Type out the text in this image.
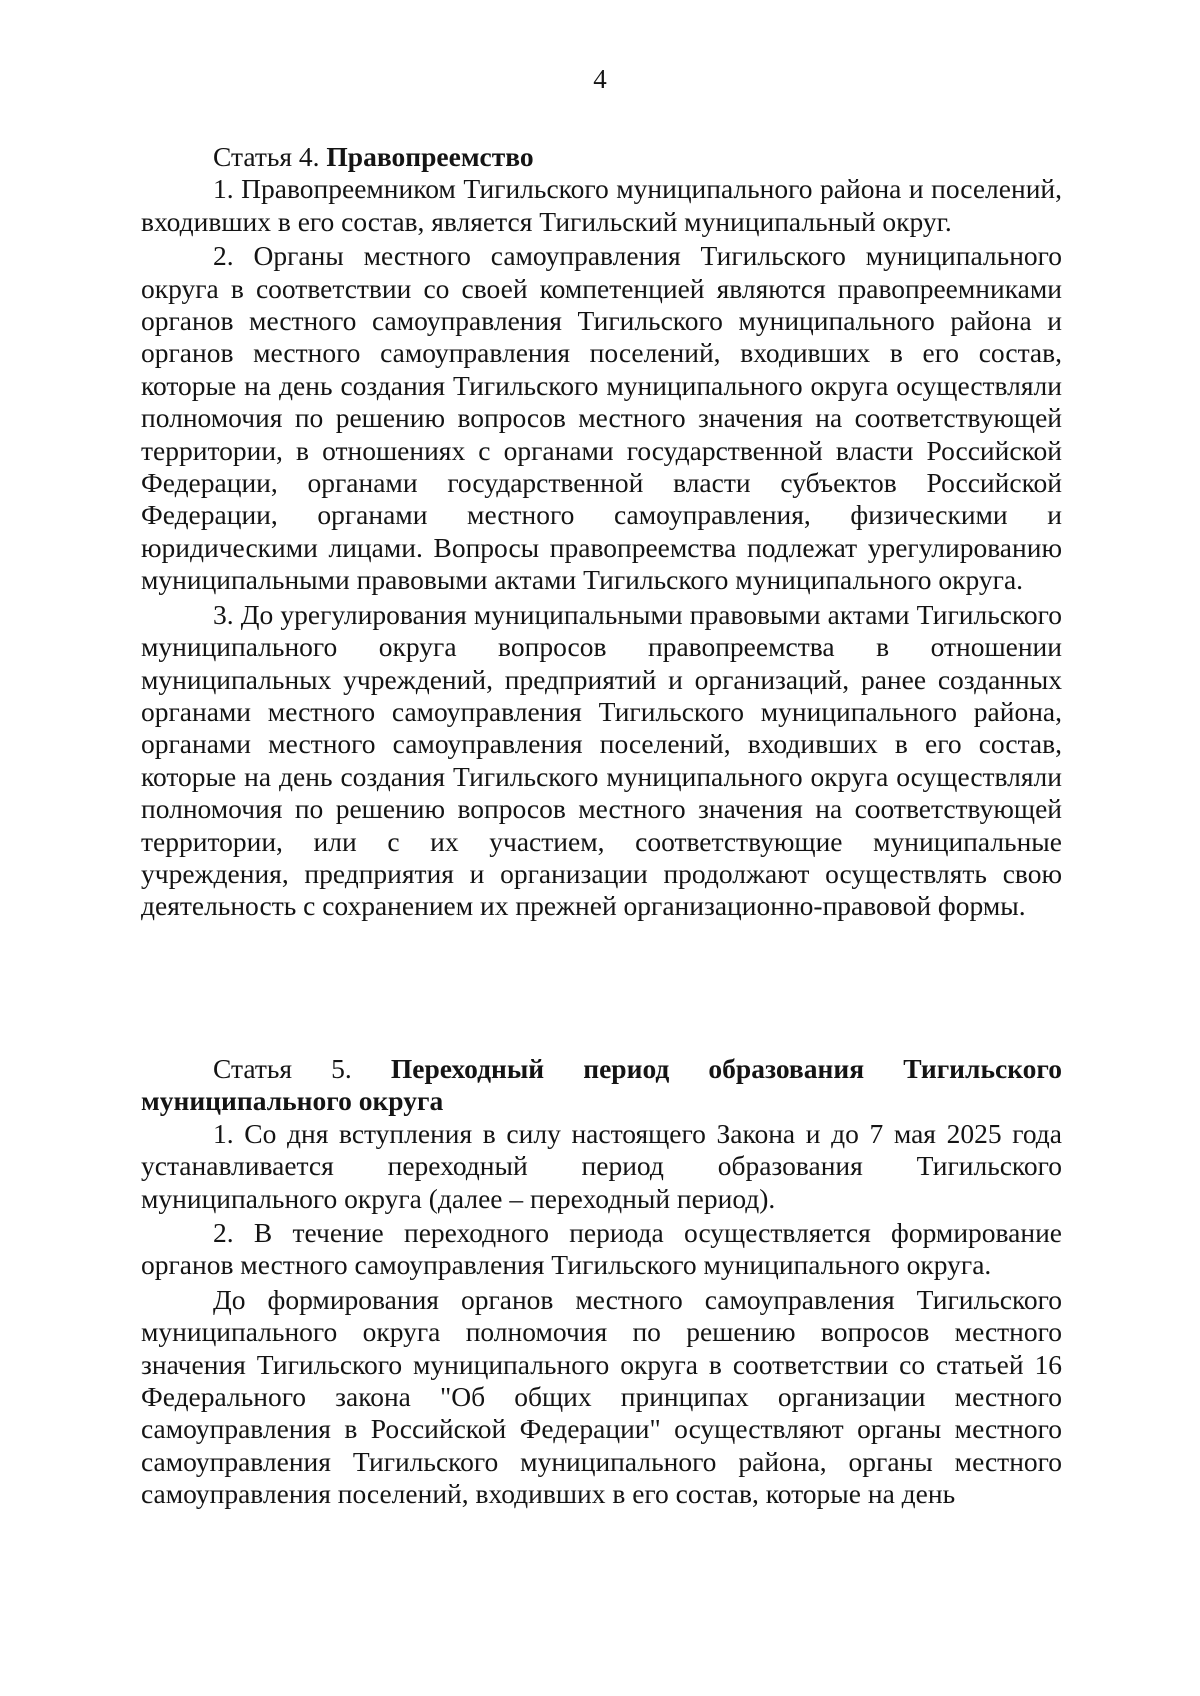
4

Статья 4. Правопреемство

1. Правопреемником Тигильского муниципального района и поселений, входивших в его состав, является Тигильский муниципальный округ.

2. Органы местного самоуправления Тигильского муниципального округа в соответствии со своей компетенцией являются правопреемниками органов местного самоуправления Тигильского муниципального района и органов местного самоуправления поселений, входивших в его состав, которые на день создания Тигильского муниципального округа осуществляли полномочия по решению вопросов местного значения на соответствующей территории, в отношениях с органами государственной власти Российской Федерации, органами государственной власти субъектов Российской Федерации, органами местного самоуправления, физическими и юридическими лицами. Вопросы правопреемства подлежат урегулированию муниципальными правовыми актами Тигильского муниципального округа.

3. До урегулирования муниципальными правовыми актами Тигильского муниципального округа вопросов правопреемства в отношении муниципальных учреждений, предприятий и организаций, ранее созданных органами местного самоуправления Тигильского муниципального района, органами местного самоуправления поселений, входивших в его состав, которые на день создания Тигильского муниципального округа осуществляли полномочия по решению вопросов местного значения на соответствующей территории, или с их участием, соответствующие муниципальные учреждения, предприятия и организации продолжают осуществлять свою деятельность с сохранением их прежней организационно-правовой формы.

Статья 5. Переходный период образования Тигильского муниципального округа

1. Со дня вступления в силу настоящего Закона и до 7 мая 2025 года устанавливается переходный период образования Тигильского муниципального округа (далее – переходный период).

2. В течение переходного периода осуществляется формирование органов местного самоуправления Тигильского муниципального округа.

До формирования органов местного самоуправления Тигильского муниципального округа полномочия по решению вопросов местного значения Тигильского муниципального округа в соответствии со статьей 16 Федерального закона "Об общих принципах организации местного самоуправления в Российской Федерации" осуществляют органы местного самоуправления Тигильского муниципального района, органы местного самоуправления поселений, входивших в его состав, которые на день
